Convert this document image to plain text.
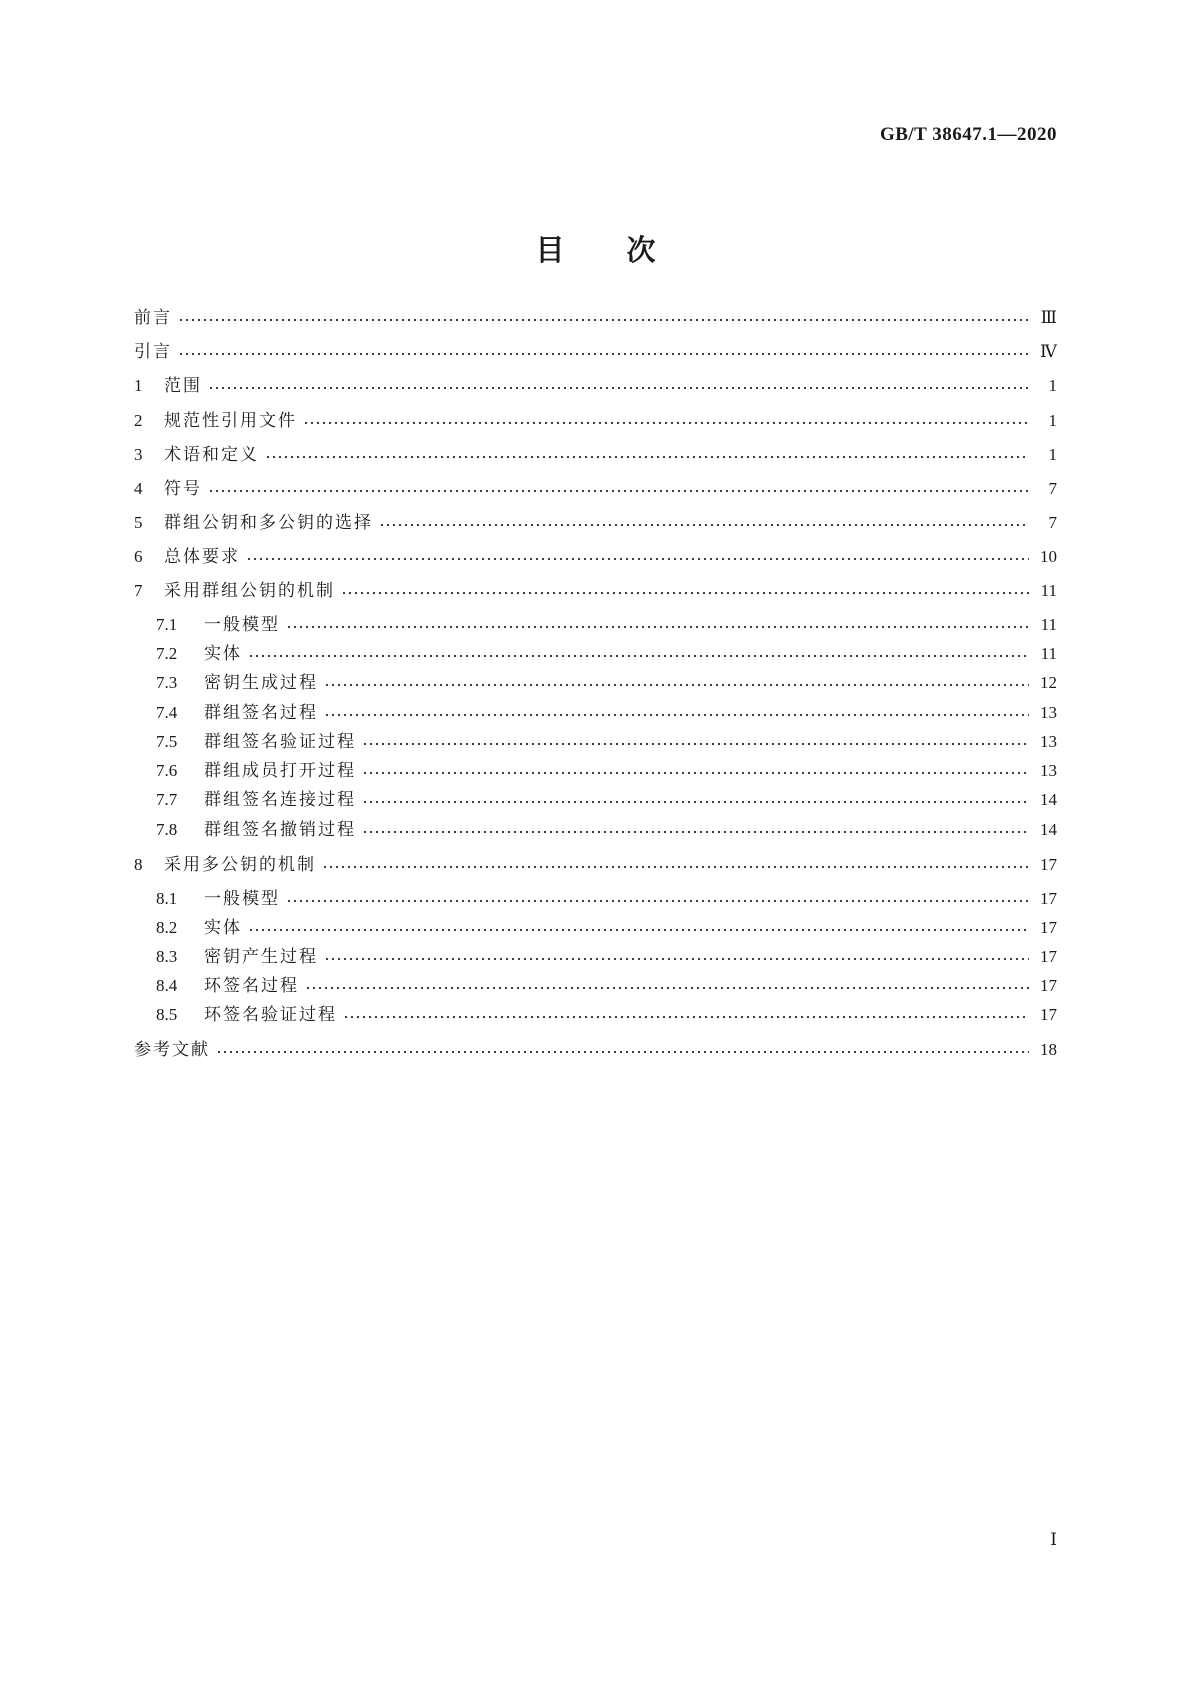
GB/T 38647.1—2020
目次
前言	Ⅲ
引言	Ⅳ
1	范围	1
2	规范性引用文件	1
3	术语和定义	1
4	符号	7
5	群组公钥和多公钥的选择	7
6	总体要求	10
7	采用群组公钥的机制	11
7.1	一般模型	11
7.2	实体	11
7.3	密钥生成过程	12
7.4	群组签名过程	13
7.5	群组签名验证过程	13
7.6	群组成员打开过程	13
7.7	群组签名连接过程	14
7.8	群组签名撤销过程	14
8	采用多公钥的机制	17
8.1	一般模型	17
8.2	实体	17
8.3	密钥产生过程	17
8.4	环签名过程	17
8.5	环签名验证过程	17
参考文献	18
Ⅰ
